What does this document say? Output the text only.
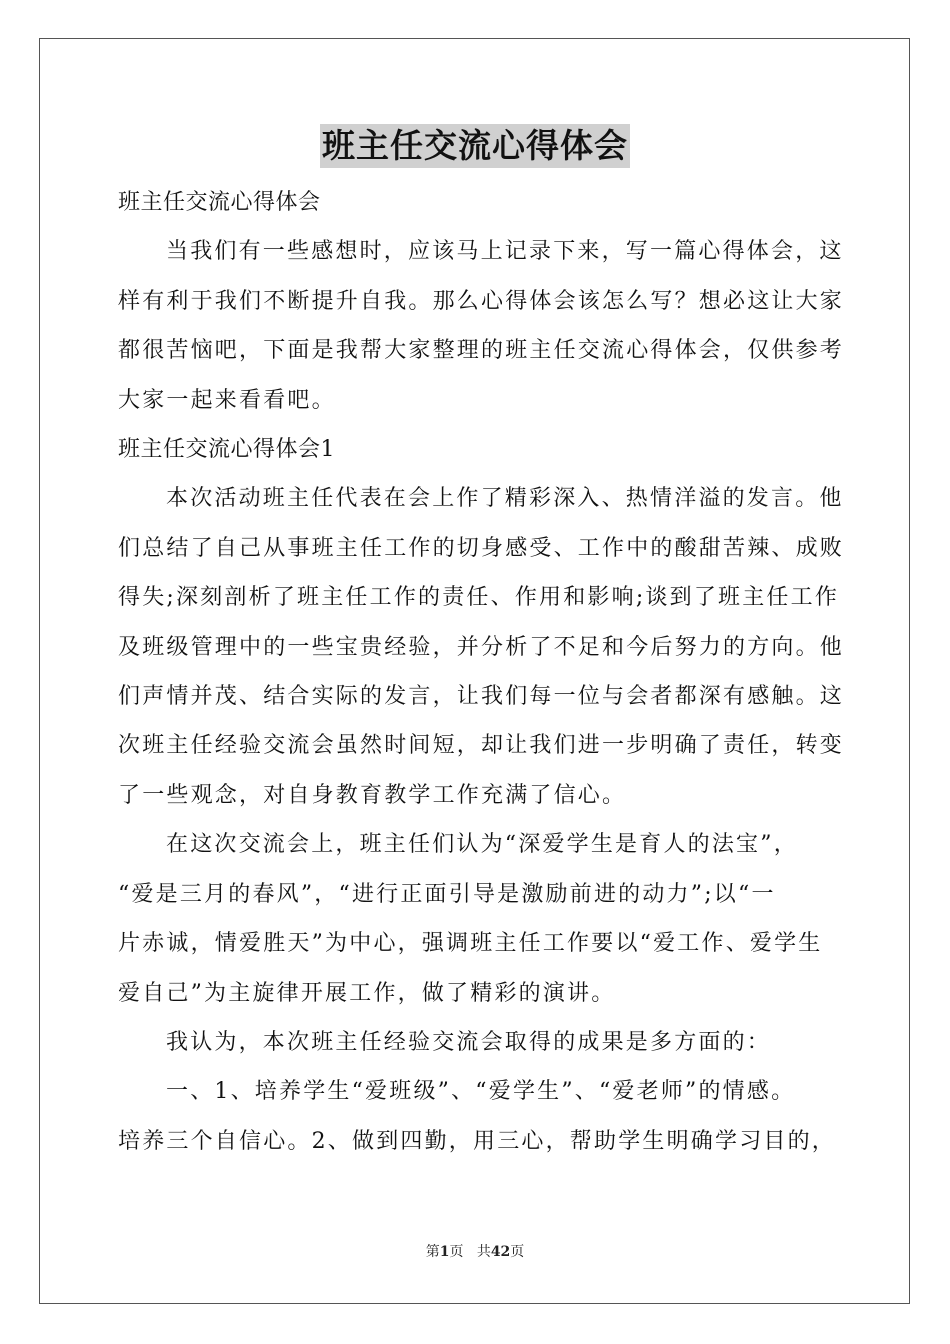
班主任交流心得体会
班主任交流心得体会
当我们有一些感想时，应该马上记录下来，写一篇心得体会，这
样有利于我们不断提升自我。那么心得体会该怎么写？想必这让大家
都很苦恼吧，下面是我帮大家整理的班主任交流心得体会，仅供参考
大家一起来看看吧。
班主任交流心得体会1
本次活动班主任代表在会上作了精彩深入、热情洋溢的发言。他
们总结了自己从事班主任工作的切身感受、工作中的酸甜苦辣、成败
得失;深刻剖析了班主任工作的责任、作用和影响;谈到了班主任工作
及班级管理中的一些宝贵经验，并分析了不足和今后努力的方向。他
们声情并茂、结合实际的发言，让我们每一位与会者都深有感触。这
次班主任经验交流会虽然时间短，却让我们进一步明确了责任，转变
了一些观念，对自身教育教学工作充满了信心。
在这次交流会上，班主任们认为“深爱学生是育人的法宝”，
“爱是三月的春风”，“进行正面引导是激励前进的动力”;以“一
片赤诚，情爱胜天”为中心，强调班主任工作要以“爱工作、爱学生
爱自己”为主旋律开展工作，做了精彩的演讲。
我认为，本次班主任经验交流会取得的成果是多方面的：
一、1、培养学生“爱班级”、“爱学生”、“爱老师”的情感。
培养三个自信心。2、做到四勤，用三心，帮助学生明确学习目的，
第1页 共42页
